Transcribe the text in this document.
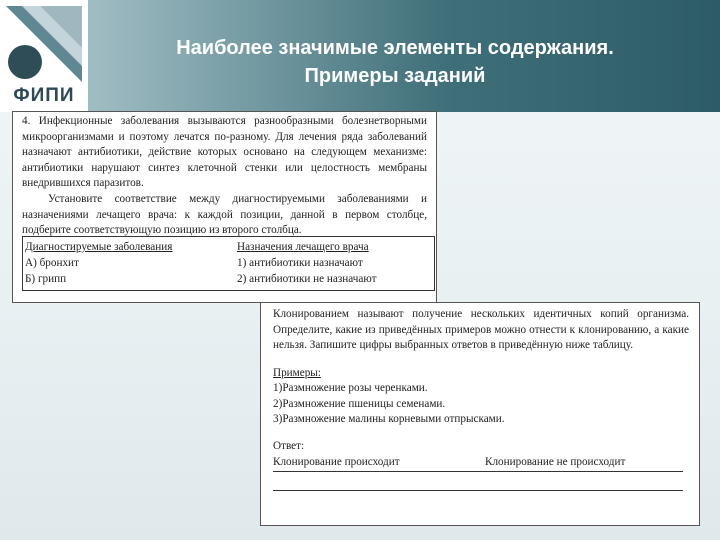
ФИПИ
Наиболее значимые элементы содержания.
Примеры заданий

4. Инфекционные заболевания вызываются разнообразными болезнетворными микроорганизмами и поэтому лечатся по-разному. Для лечения ряда заболеваний назначают антибиотики, действие которых основано на следующем механизме: антибиотики нарушают синтез клеточной стенки или целостность мембраны внедрившихся паразитов.

Установите соответствие между диагностируемыми заболеваниями и назначениями лечащего врача: к каждой позиции, данной в первом столбце, подберите соответствующую позицию из второго столбца.

Диагностируемые заболевания
А) бронхит
Б) грипп
Назначения лечащего врача
1) антибиотики назначают
2) антибиотики не назначают

Клонированием называют получение нескольких идентичных копий организма. Определите, какие из приведённых примеров можно отнести к клонированию, а какие нельзя. Запишите цифры выбранных ответов в приведённую ниже таблицу.

Примеры:
1)Размножение розы черенками.
2)Размножение пшеницы семенами.
3)Размножение малины корневыми отпрысками.
Ответ:
Клонирование происходит	Клонирование не происходит
